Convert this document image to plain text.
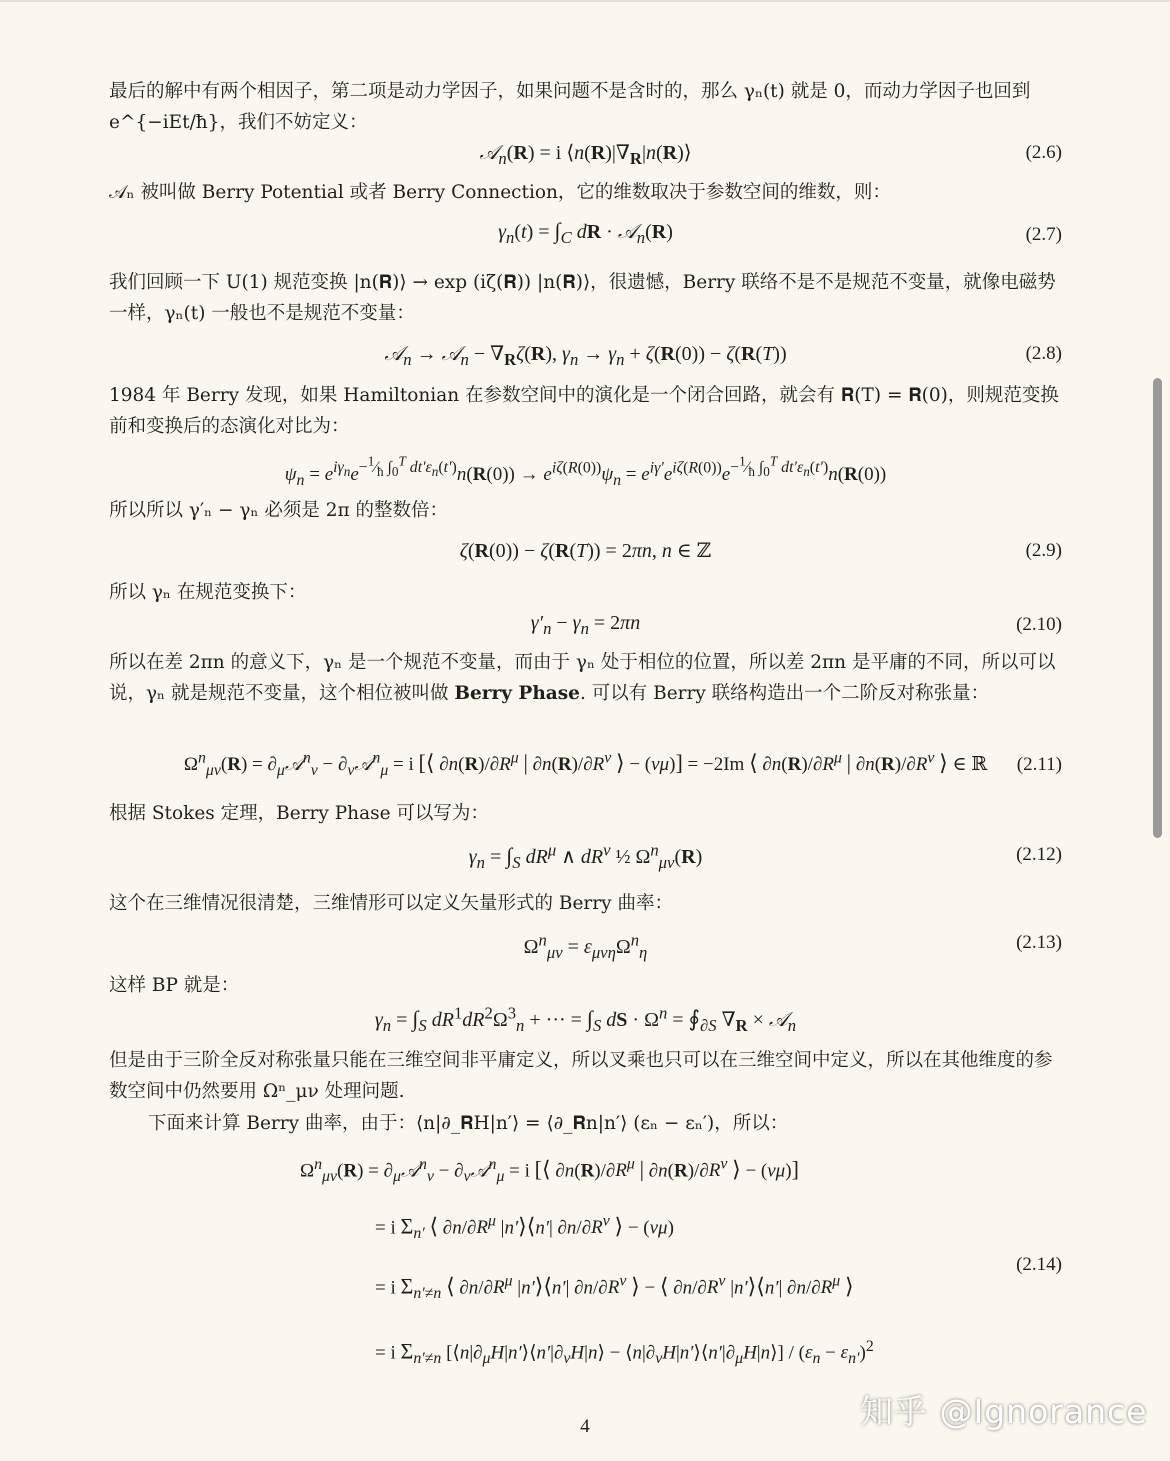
最后的解中有两个相因子，第二项是动力学因子，如果问题不是含时的，那么 γₙ(t) 就是 0，而动力学因子也回到 e^{−iEt/ħ}，我们不妨定义：
𝒜$_n$(R) = i $⟨n(R)|\nabla_R|n(R)⟩$	(2.6)
𝒜ₙ 被叫做 Berry Potential 或者 Berry Connection，它的维数取决于参数空间的维数，则：
$\gamma_n(t) = \int_C$ dR · 𝒜$_n$(R)	(2.7)
我们回顾一下 U(1) 规范变换 |n(𝐑)⟩ → exp (iζ(𝐑)) |n(𝐑)⟩，很遗憾，Berry 联络不是不是规范不变量，就像电磁势一样，γₙ(t) 一般也不是规范不变量：
𝒜$_n$ → 𝒜$_n$ − $\nabla_R\zeta(R)$, $\gamma_n \to \gamma_n + \zeta(R(0)) - \zeta(R(T))$	(2.8)
1984 年 Berry 发现，如果 Hamiltonian 在参数空间中的演化是一个闭合回路，就会有 𝐑(T) = 𝐑(0)，则规范变换前和变换后的态演化对比为：
$\psi_n = e^{i\gamma_n}e^{-^1⁄_ħ \int_0^T dt'\varepsilon_n(t')}n(R(0)) \to e^{i\zeta(R(0))}\psi_n = e^{i\gamma'}e^{i\zeta(R(0))}e^{-^1⁄_ħ \int_0^T dt'\varepsilon_n(t')}n(R(0))$
所以所以 γ′ₙ − γₙ 必须是 2π 的整数倍：
ζ(R(0)) − ζ(R(T)) = 2πn, n ∈ ℤ	(2.9)
所以 γₙ 在规范变换下：
$\gamma'_n - \gamma_n = 2\pi n$	(2.10)
所以在差 2πn 的意义下，γₙ 是一个规范不变量，而由于 γₙ 处于相位的位置，所以差 2πn 是平庸的不同，所以可以说，γₙ 就是规范不变量，这个相位被叫做 Berry Phase. 可以有 Berry 联络构造出一个二阶反对称张量：
$\Omega^n_{\mu\nu}(R)$ = $\partial_\mu 𝒜^n_\nu$ − $\partial_\nu 𝒜^n_\mu = i$ [⟨ $\partial n(R)/\partial R^\mu$ | $\partial n(R)/\partial R^\nu$ ⟩ − (νμ)] = −2Im ⟨ $\partial n(R)/\partial R^\mu$ | $\partial n(R)/\partial R^\nu$ ⟩ ∈ ℝ	(2.11)
根据 Stokes 定理，Berry Phase 可以写为：
$\gamma_n = \int_S$ $dR^\mu$ ∧ $dR^\nu$ ½ $\Omega^n_{\mu\nu}(R)$	(2.12)
这个在三维情况很清楚，三维情形可以定义矢量形式的 Berry 曲率：
$\Omega^n_{\mu\nu} = \varepsilon_{\mu\nu\eta}\Omega^n_\eta$	(2.13)
这样 BP 就是：
$\gamma_n = \int_S$ $dR^1dR^2\Omega^3_n$ + ··· = $\int_S$ dS · $\Omega^n$ = $∮_{\partial S}$ $\nabla_R$ × 𝒜$_n$
但是由于三阶全反对称张量只能在三维空间非平庸定义，所以叉乘也只可以在三维空间中定义，所以在其他维度的参数空间中仍然要用 Ωⁿ_μν 处理问题.
下面来计算 Berry 曲率，由于：⟨n|∂_𝐑H|n′⟩ = ⟨∂_𝐑n|n′⟩ (εₙ − εₙ′)，所以：
$\Omega^n_{\mu\nu}(R)$ = $\partial_\mu 𝒜^n_\nu$ − $\partial_\nu 𝒜^n_\mu = i$ [⟨ $\partial n(R)/\partial R^\mu$ | $\partial n(R)/\partial R^\nu$ ⟩ − (νμ)]
= i $\Sigma_{n'}$ ⟨ $\partial n/\partial R^\mu$ |n′⟩⟨n′| $\partial n/\partial R^\nu$ ⟩ − (νμ)
= i $\Sigma_{n'\ne n}$ ⟨ $\partial n/\partial R^\mu$ |n′⟩⟨n′| $\partial n/\partial R^\nu$ ⟩ − ⟨ $\partial n/\partial R^\nu$ |n′⟩⟨n′| $\partial n/\partial R^\mu$ ⟩
= i $\Sigma_{n'\ne n}$ [$⟨n|\partial_\mu H|n'⟩⟨n'|\partial_\nu H|n⟩$ − $⟨n|\partial_\nu H|n'⟩⟨n'|\partial_\mu H|n⟩] / (\varepsilon_n - \varepsilon_{n'})^2$
(2.14)
4	知乎 @Ignorance
